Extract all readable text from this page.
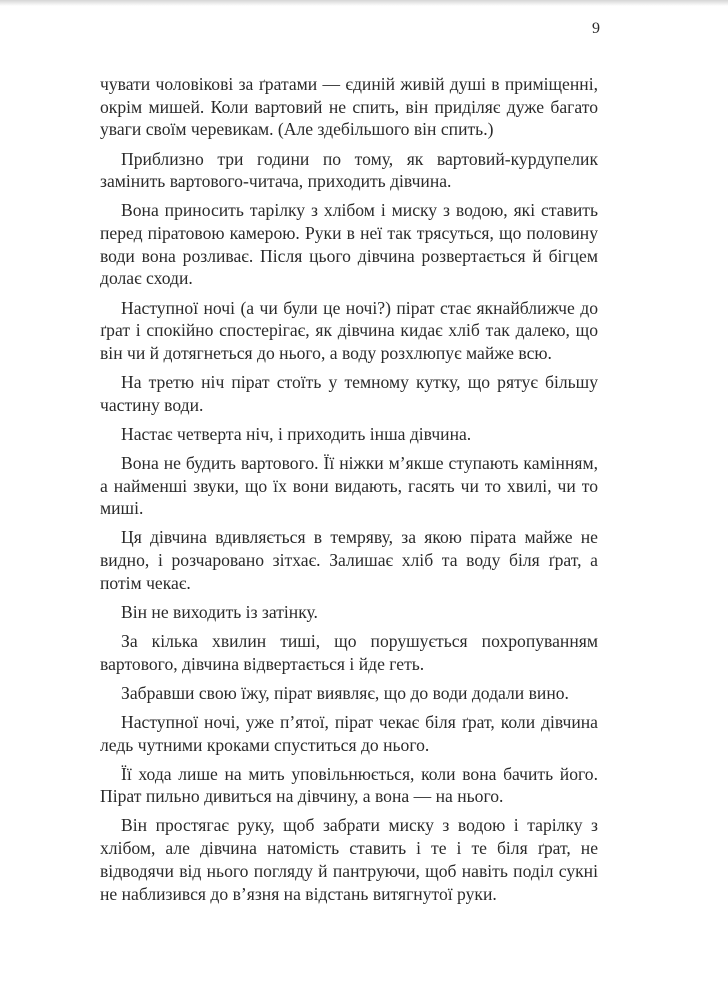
9

чувати чоловікові за ґратами — єдиній живій душі в приміщенні, окрім мишей. Коли вартовий не спить, він приділяє дуже багато уваги своїм черевикам. (Але здебільшого він спить.)

Приблизно три години по тому, як вартовий-курдупелик замінить вартового-читача, приходить дівчина.

Вона приносить тарілку з хлібом і миску з водою, які ставить перед піратовою камерою. Руки в неї так трясуться, що половину води вона розливає. Після цього дівчина розвертається й бігцем долає сходи.

Наступної ночі (а чи були це ночі?) пірат стає якнайближче до ґрат і спокійно спостерігає, як дівчина кидає хліб так далеко, що він чи й дотягнеться до нього, а воду розхлюпує майже всю.

На третю ніч пірат стоїть у темному кутку, що рятує більшу частину води.

Настає четверта ніч, і приходить інша дівчина.

Вона не будить вартового. Її ніжки м’якше ступають камінням, а найменші звуки, що їх вони видають, гасять чи то хвилі, чи то миші.

Ця дівчина вдивляється в темряву, за якою пірата майже не видно, і розчаровано зітхає. Залишає хліб та воду біля ґрат, а потім чекає.

Він не виходить із затінку.

За кілька хвилин тиші, що порушується похропуванням вартового, дівчина відвертається і йде геть.

Забравши свою їжу, пірат виявляє, що до води додали вино.

Наступної ночі, уже п’ятої, пірат чекає біля ґрат, коли дівчина ледь чутними кроками спуститься до нього.

Її хода лише на мить уповільнюється, коли вона бачить його. Пірат пильно дивиться на дівчину, а вона — на нього.

Він простягає руку, щоб забрати миску з водою і тарілку з хлібом, але дівчина натомість ставить і те і те біля ґрат, не відводячи від нього погляду й пантруючи, щоб навіть поділ сукні не наблизився до в’язня на відстань витягнутої руки.
